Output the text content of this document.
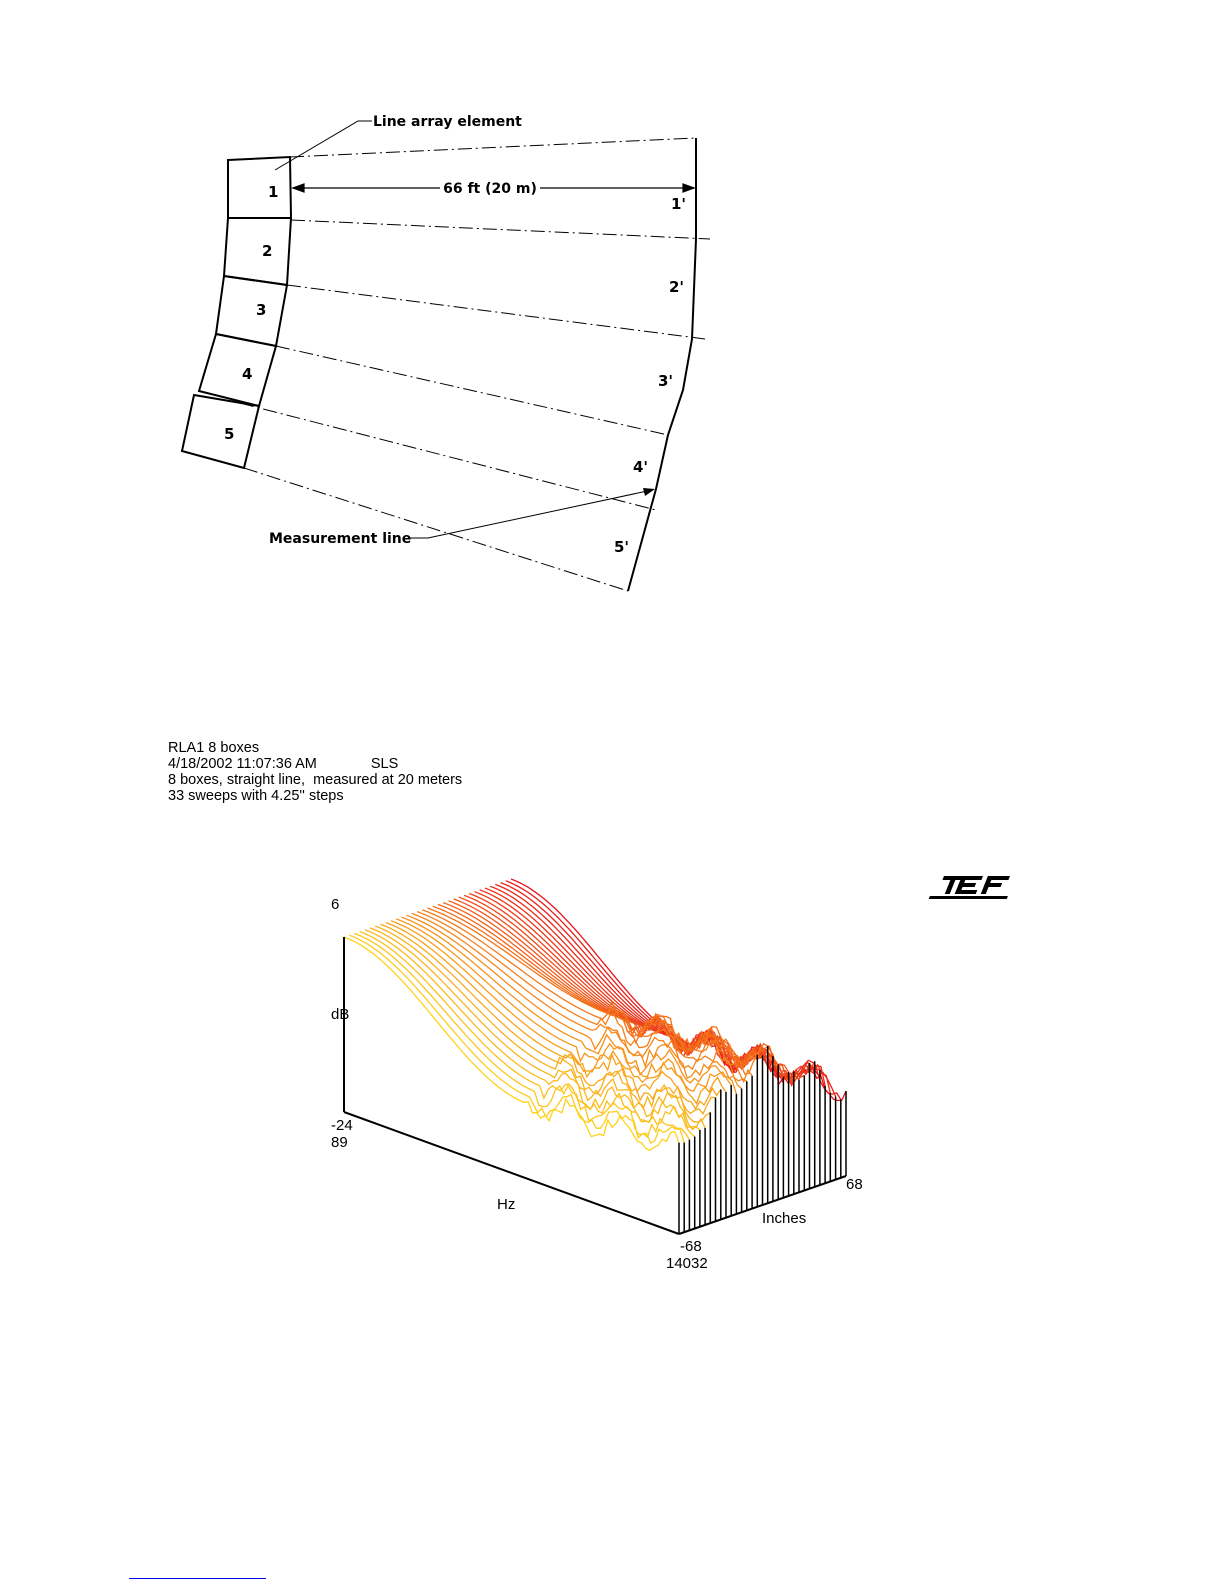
Line array element
66 ft (20 m)
Measurement line
1
2
3
4
5
1'
2'
3'
4'
5'
RLA1 8 boxes
4/18/2002 11:07:36 AM	SLS
8 boxes, straight line,  measured at 20 meters
33 sweeps with 4.25'' steps
6
dB
-24
89
Hz
-68
14032
68
Inches
